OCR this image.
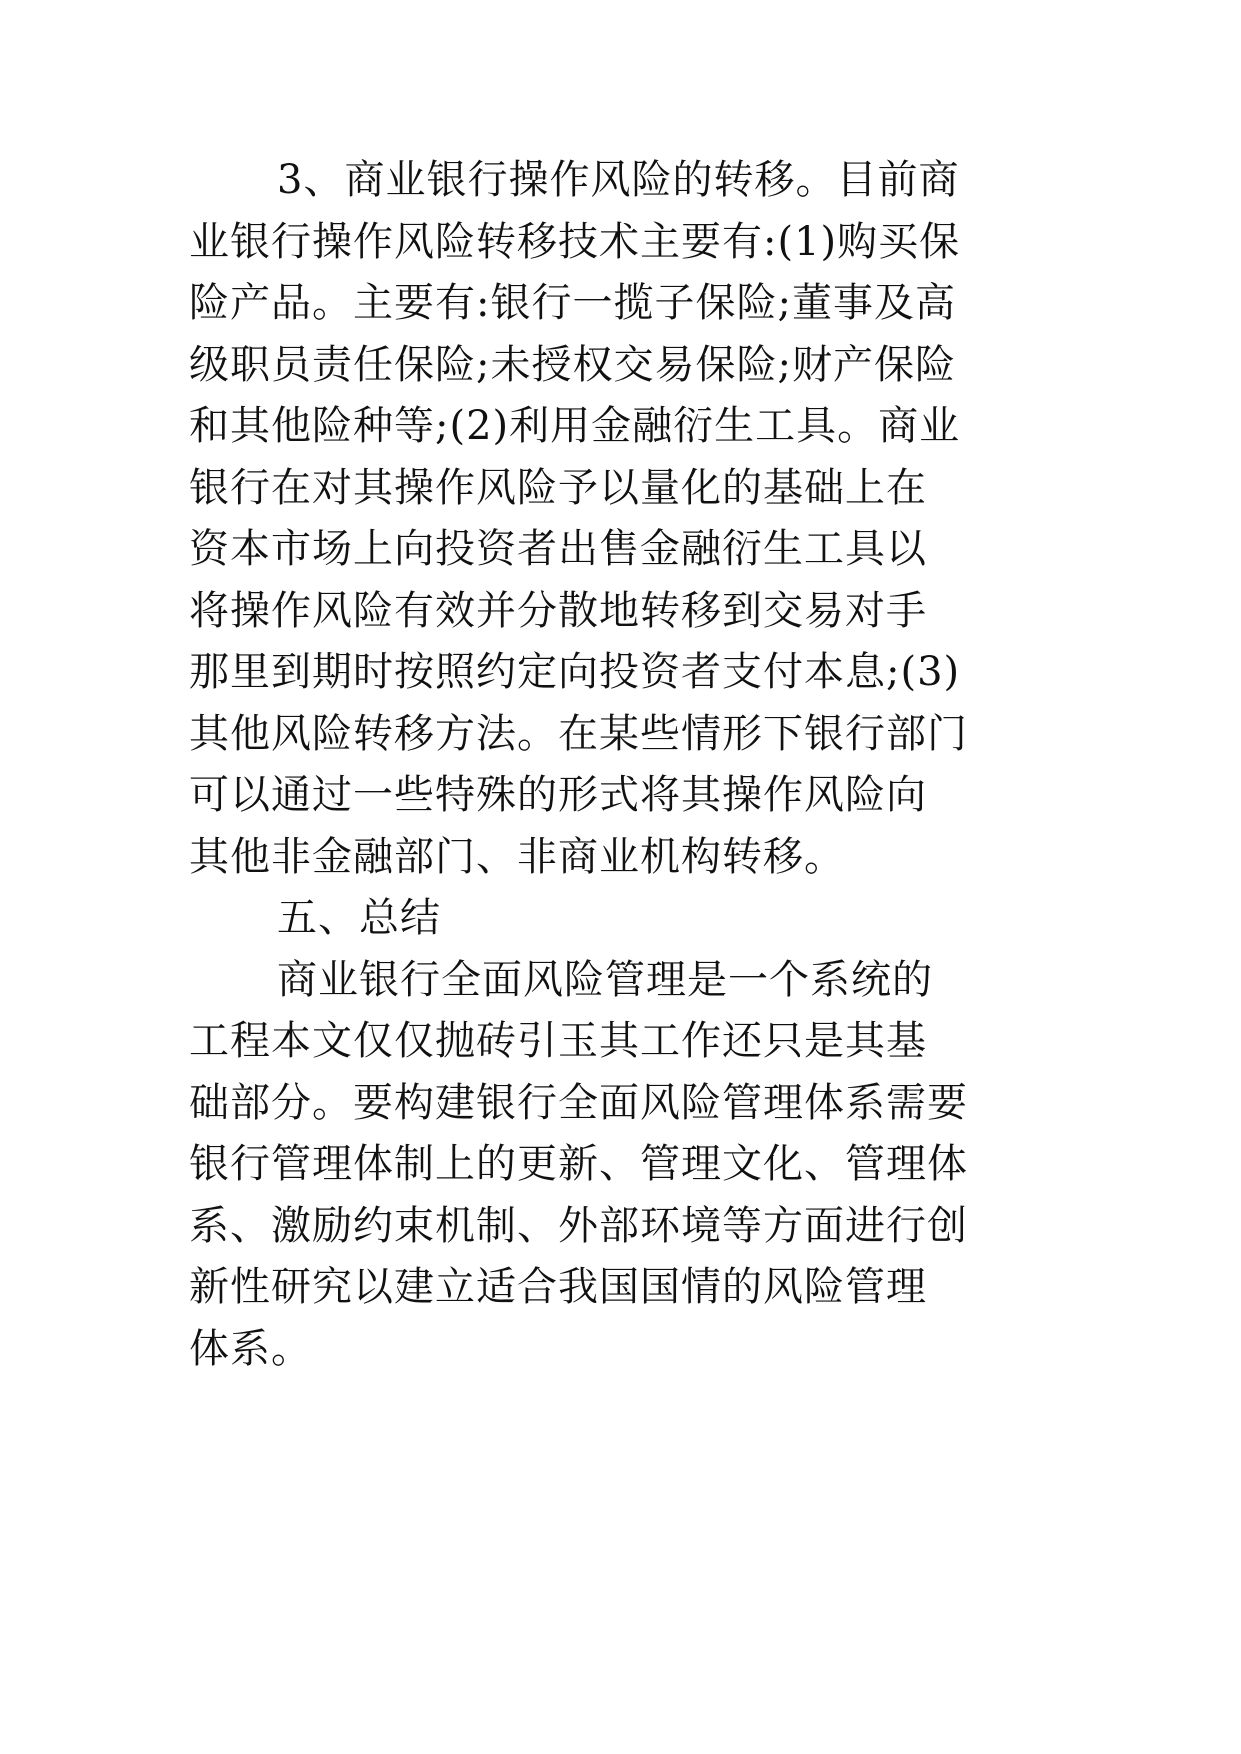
3、商业银行操作风险的转移。目前商
业银行操作风险转移技术主要有:(1)购买保
险产品。主要有:银行一揽子保险;董事及高
级职员责任保险;未授权交易保险;财产保险
和其他险种等;(2)利用金融衍生工具。商业
银行在对其操作风险予以量化的基础上在
资本市场上向投资者出售金融衍生工具以
将操作风险有效并分散地转移到交易对手
那里到期时按照约定向投资者支付本息;(3)
其他风险转移方法。在某些情形下银行部门
可以通过一些特殊的形式将其操作风险向
其他非金融部门、非商业机构转移。
五、总结
商业银行全面风险管理是一个系统的
工程本文仅仅抛砖引玉其工作还只是其基
础部分。要构建银行全面风险管理体系需要
银行管理体制上的更新、管理文化、管理体
系、激励约束机制、外部环境等方面进行创
新性研究以建立适合我国国情的风险管理
体系。
